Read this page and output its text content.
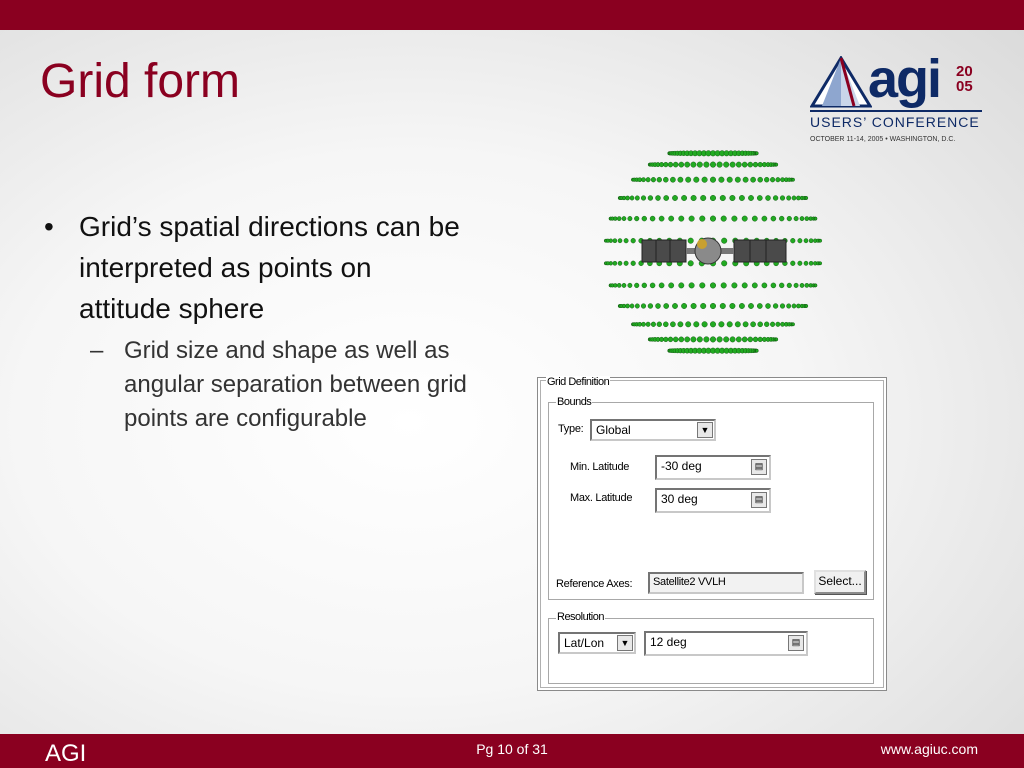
Grid form	agi 20
05
USERS’ CONFERENCE
OCTOBER 11-14, 2005 • WASHINGTON, D.C.
• Grid’s spatial directions can be interpreted as points on attitude sphere
– Grid size and shape as well as angular separation between grid points are configurable
Grid Definition
Bounds
Type:	Global	▼
Min. Latitude	-30 deg	▤
Max. Latitude	30 deg	▤
Reference Axes:	Satellite2 VVLH	Select...
Resolution
Lat/Lon	▼	12 deg	▤
AGI	Pg 10 of 31	www.agiuc.com
